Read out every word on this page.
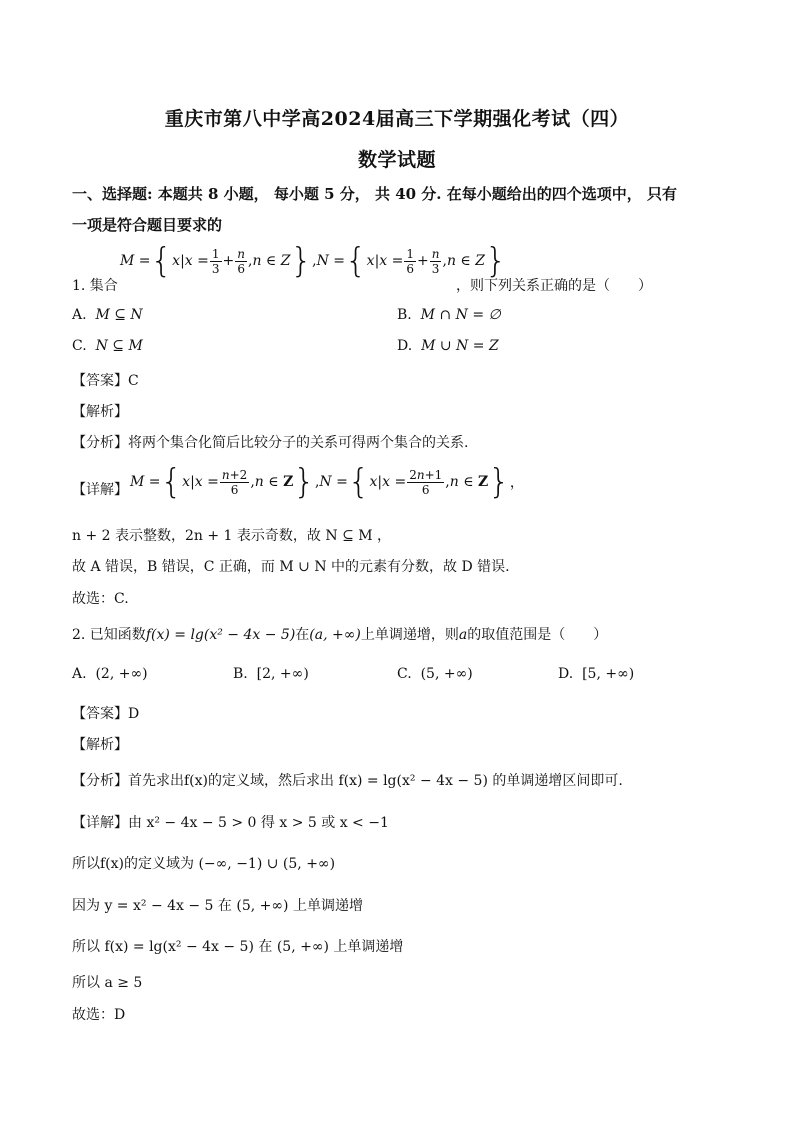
重庆市第八中学高2024届高三下学期强化考试（四）
数学试题
一、选择题: 本题共 8 小题， 每小题 5 分， 共 40 分. 在每小题给出的四个选项中， 只有
一项是符合题目要求的
1. 集合
$M =\{x|x = \frac{1}{3} + \frac{n}{6} ,n$ ∈ $Z\},N =\{x|x = \frac{1}{6} + \frac{n}{3} ,n$ ∈ Z}
，则下列关系正确的是（　　）
A. M ⊆ N	B. M ∩ N = ∅
C. N ⊆ M	D. M ∪ N = Z
【答案】C
【解析】
【分析】将两个集合化简后比较分子的关系可得两个集合的关系.
【详解】 $M =\{x|x = \frac{n+2}{6} ,n$ ∈ $Z\},N =\{x|x = \frac{2n+1}{6} ,n$ ∈ Z}，
n + 2 表示整数，2n + 1 表示奇数，故 N ⊆ M ，
故 A 错误，B 错误，C 正确，而 M ∪ N 中的元素有分数，故 D 错误.
故选：C.
2. 已知函数f(x) = lg(x² − 4x − 5)在(a, +∞)上单调递增，则a的取值范围是（　　）
A. (2, +∞)	B. [2, +∞)	C. (5, +∞)	D. [5, +∞)
【答案】D
【解析】
【分析】首先求出f(x)的定义域，然后求出 f(x) = lg(x² − 4x − 5) 的单调递增区间即可.
【详解】由 x² − 4x − 5 > 0 得 x > 5 或 x < −1
所以f(x)的定义域为 (−∞, −1) ∪ (5, +∞)
因为 y = x² − 4x − 5 在 (5, +∞) 上单调递增
所以 f(x) = lg(x² − 4x − 5) 在 (5, +∞) 上单调递增
所以 a ≥ 5
故选：D
